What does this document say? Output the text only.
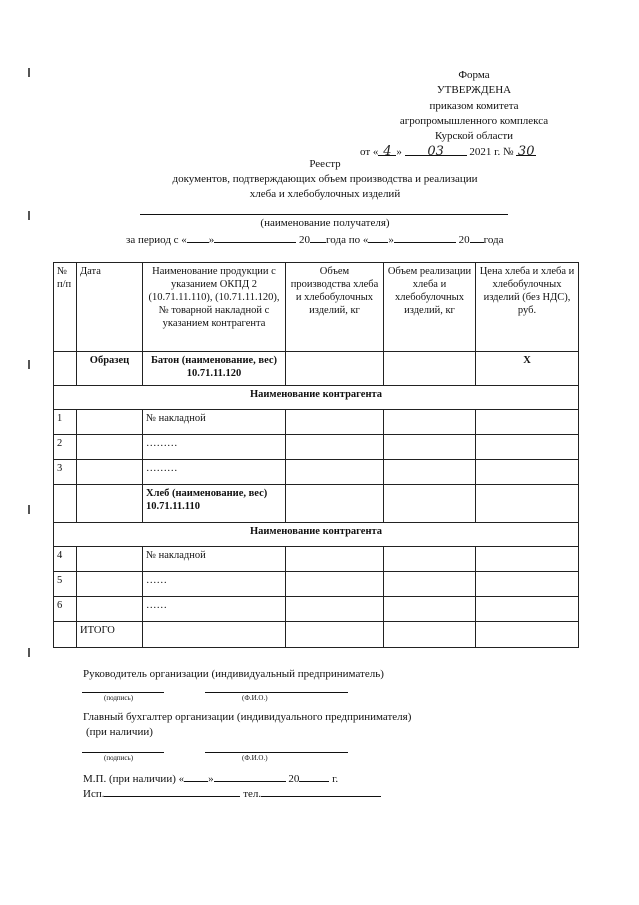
Форма
УТВЕРЖДЕНА
приказом комитета
агропромышленного комплекса
Курской области
от « 4 » 03 2021 г. № 30
Реестр
документов, подтверждающих объем производства и реализации
хлеба и хлебобулочных изделий
(наименование получателя)
за период с « »	20 года по « »	20 года
№ п/п	Дата	Наименование продукции с указанием ОКПД 2 (10.71.11.110), (10.71.11.120), № товарной накладной с указанием контрагента	Объем производства хлеба и хлебобулочных изделий, кг	Объем реализации хлеба и хлебобулочных изделий, кг	Цена хлеба и хлеба и хлебобулочных изделий (без НДС), руб.
	Образец	Батон (наименование, вес) 10.71.11.120			X
Наименование контрагента					
1		№ накладной			
2		………			
3		………			
		Хлеб (наименование, вес) 10.71.11.110			
Наименование контрагента					
4		№ накладной			
5		……			
6		……			
	ИТОГО				
Руководитель организации (индивидуальный предприниматель)
(подпись)	(Ф.И.О.)
Главный бухгалтер организации (индивидуального предпринимателя)
(при наличии)
(подпись)	(Ф.И.О.)
М.П. (при наличии) « »	20	г.
Исп.	тел.
